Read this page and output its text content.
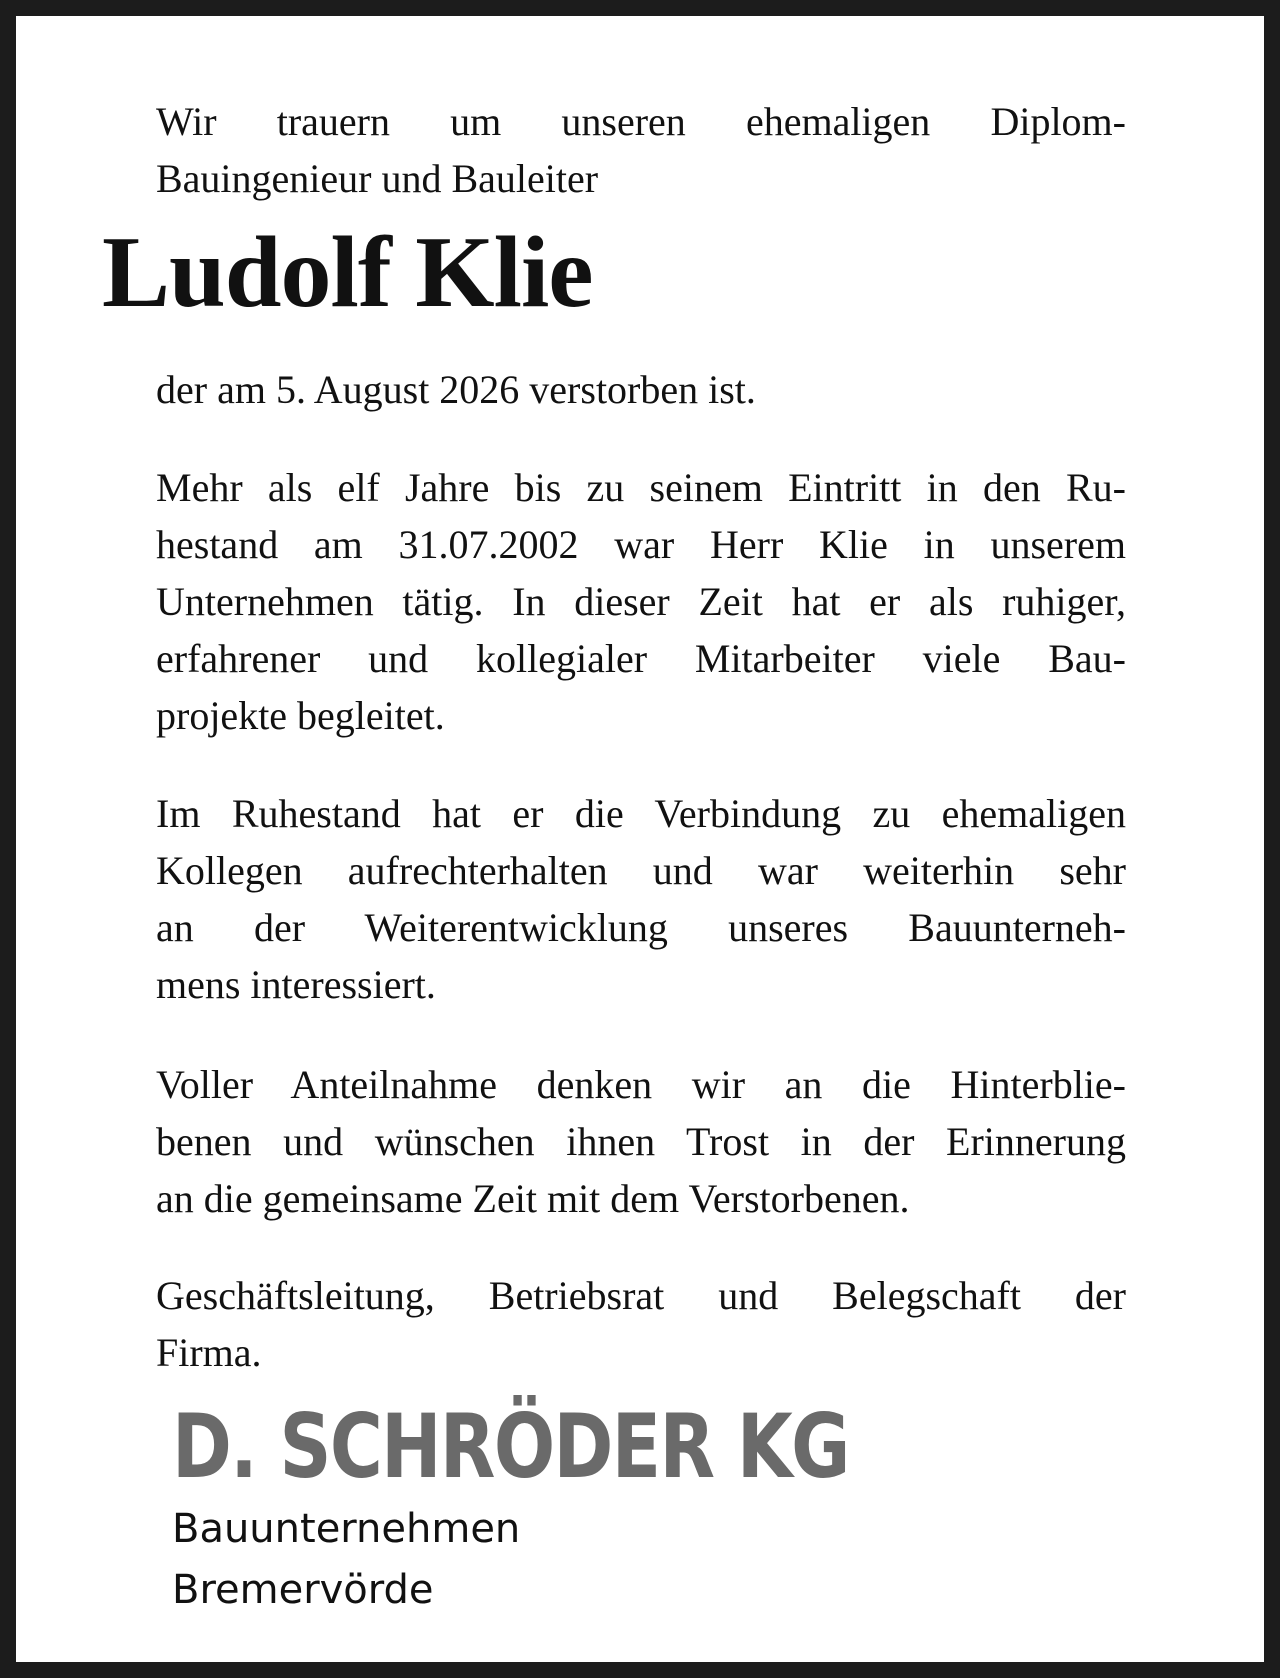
Wir trauern um unseren ehemaligen Diplom-
Bauingenieur und Bauleiter

Ludolf Klie

der am 5. August 2026 verstorben ist.

Mehr als elf Jahre bis zu seinem Eintritt in den Ru-
hestand am 31.07.2002 war Herr Klie in unserem
Unternehmen tätig. In dieser Zeit hat er als ruhiger,
erfahrener und kollegialer Mitarbeiter viele Bau-
projekte begleitet.

Im Ruhestand hat er die Verbindung zu ehemaligen
Kollegen aufrechterhalten und war weiterhin sehr
an der Weiterentwicklung unseres Bauunterneh-
mens interessiert.

Voller Anteilnahme denken wir an die Hinterblie-
benen und wünschen ihnen Trost in der Erinnerung
an die gemeinsame Zeit mit dem Verstorbenen.

Geschäftsleitung, Betriebsrat und Belegschaft der
Firma.

D. SCHRÖDER KG

Bauunternehmen

Bremervörde
